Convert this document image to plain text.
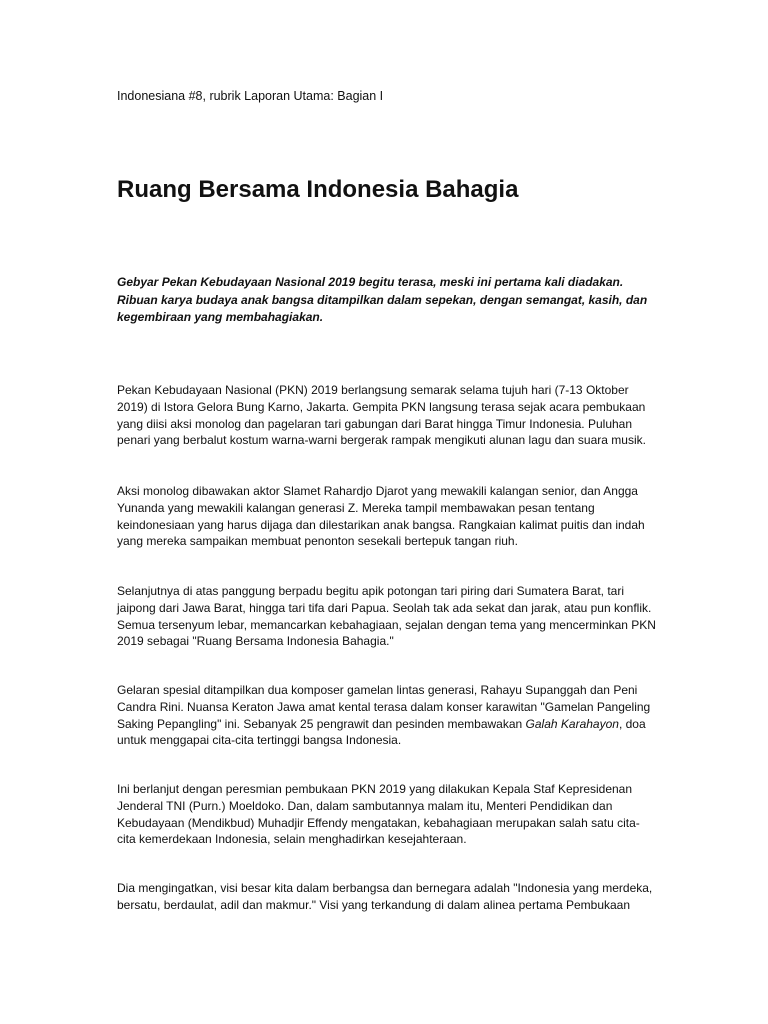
Indonesiana #8, rubrik Laporan Utama: Bagian I
Ruang Bersama Indonesia Bahagia

Gebyar Pekan Kebudayaan Nasional 2019 begitu terasa, meski ini pertama kali diadakan. Ribuan karya budaya anak bangsa ditampilkan dalam sepekan, dengan semangat, kasih, dan kegembiraan yang membahagiakan.

Pekan Kebudayaan Nasional (PKN) 2019 berlangsung semarak selama tujuh hari (7-13 Oktober 2019) di Istora Gelora Bung Karno, Jakarta. Gempita PKN langsung terasa sejak acara pembukaan yang diisi aksi monolog dan pagelaran tari gabungan dari Barat hingga Timur Indonesia. Puluhan penari yang berbalut kostum warna-warni bergerak rampak mengikuti alunan lagu dan suara musik.

Aksi monolog dibawakan aktor Slamet Rahardjo Djarot yang mewakili kalangan senior, dan Angga Yunanda yang mewakili kalangan generasi Z. Mereka tampil membawakan pesan tentang keindonesiaan yang harus dijaga dan dilestarikan anak bangsa. Rangkaian kalimat puitis dan indah yang mereka sampaikan membuat penonton sesekali bertepuk tangan riuh.

Selanjutnya di atas panggung berpadu begitu apik potongan tari piring dari Sumatera Barat, tari jaipong dari Jawa Barat, hingga tari tifa dari Papua. Seolah tak ada sekat dan jarak, atau pun konflik. Semua tersenyum lebar, memancarkan kebahagiaan, sejalan dengan tema yang mencerminkan PKN 2019 sebagai "Ruang Bersama Indonesia Bahagia."

Gelaran spesial ditampilkan dua komposer gamelan lintas generasi, Rahayu Supanggah dan Peni Candra Rini. Nuansa Keraton Jawa amat kental terasa dalam konser karawitan "Gamelan Pangeling Saking Pepangling" ini. Sebanyak 25 pengrawit dan pesinden membawakan Galah Karahayon, doa untuk menggapai cita-cita tertinggi bangsa Indonesia.

Ini berlanjut dengan peresmian pembukaan PKN 2019 yang dilakukan Kepala Staf Kepresidenan Jenderal TNI (Purn.) Moeldoko. Dan, dalam sambutannya malam itu, Menteri Pendidikan dan Kebudayaan (Mendikbud) Muhadjir Effendy mengatakan, kebahagiaan merupakan salah satu cita-cita kemerdekaan Indonesia, selain menghadirkan kesejahteraan.

Dia mengingatkan, visi besar kita dalam berbangsa dan bernegara adalah "Indonesia yang merdeka, bersatu, berdaulat, adil dan makmur." Visi yang terkandung di dalam alinea pertama Pembukaan
